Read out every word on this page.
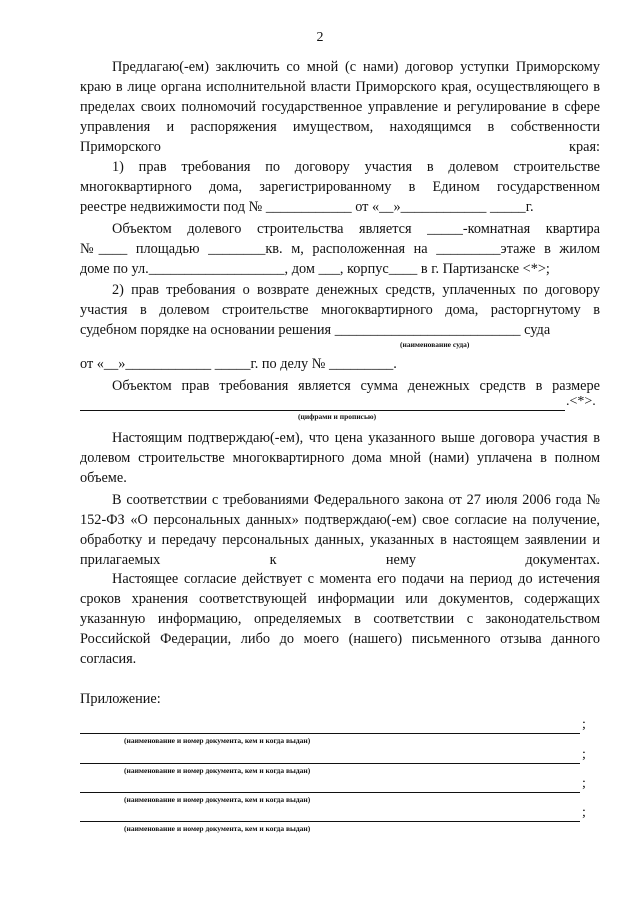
2
Предлагаю(-ем) заключить со мной (с нами) договор уступки Приморскому краю в лице органа исполнительной власти Приморского края, осуществляющего в пределах своих полномочий государственное управление и регулирование в сфере управления и распоряжения имуществом, находящимся в собственности Приморского края:
1) прав требования по договору участия в долевом строительстве
многоквартирного дома, зарегистрированному в Едином государственном
реестре недвижимости под № ____________ от «__»____________ _____г.
Объектом долевого строительства является _____-комнатная квартира
№____ площадью ________кв. м, расположенная на _________этаже в жилом
доме по ул.___________________, дом ___, корпус____ в г. Партизанске <*>;
2) прав требования о возврате денежных средств, уплаченных по договору
участия в долевом строительстве многоквартирного дома, расторгнутому в
судебном порядке на основании решения __________________________ суда
(наименование суда)
от «__»____________ _____г. по делу № _________.
Объектом прав требования является сумма денежных средств в размере
.<*>.
(цифрами и прописью)
Настоящим подтверждаю(-ем), что цена указанного выше договора участия в долевом строительстве многоквартирного дома мной (нами) уплачена в полном объеме.
В соответствии с требованиями Федерального закона от 27 июля 2006 года № 152-ФЗ «О персональных данных» подтверждаю(-ем) свое согласие на получение, обработку и передачу персональных данных, указанных в настоящем заявлении и прилагаемых к нему документах.
Настоящее согласие действует с момента его подачи на период до истечения сроков хранения соответствующей информации или документов, содержащих указанную информацию, определяемых в соответствии с законодательством Российской Федерации, либо до моего (нашего) письменного отзыва данного согласия.
Приложение:
;
(наименование и номер документа, кем и когда выдан)
;
(наименование и номер документа, кем и когда выдан)
;
(наименование и номер документа, кем и когда выдан)
;
(наименование и номер документа, кем и когда выдан)
